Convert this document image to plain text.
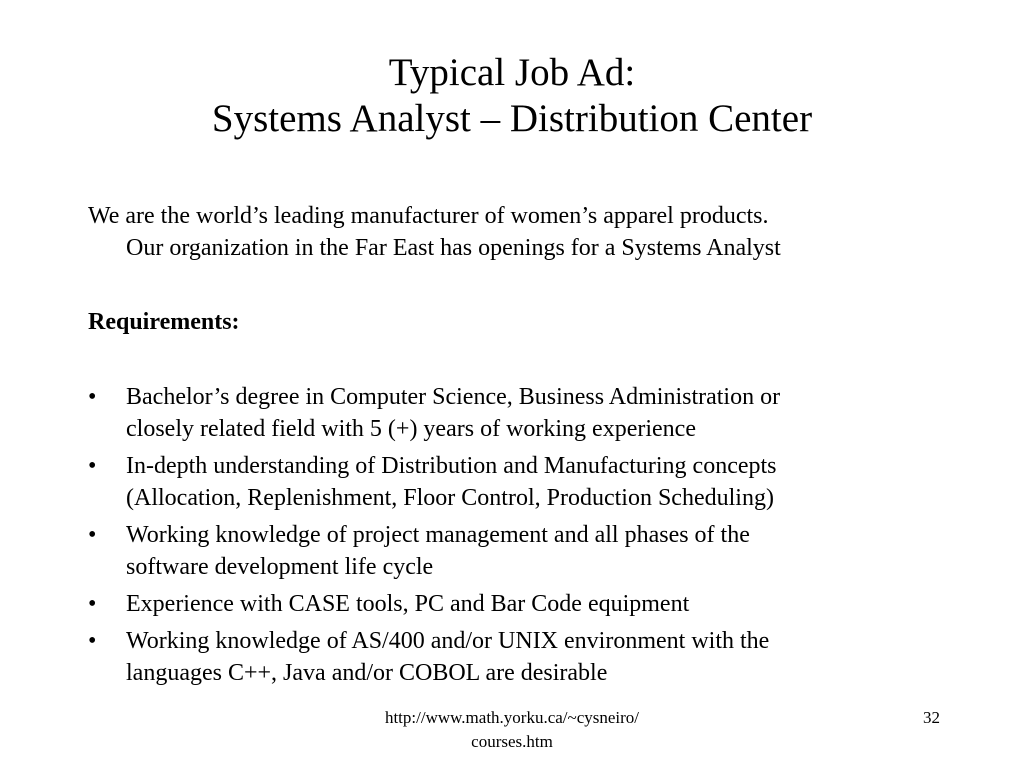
Typical Job Ad:
Systems Analyst – Distribution Center

We are the world’s leading manufacturer of women’s apparel products.
Our organization in the Far East has openings for a Systems Analyst

Requirements:
• Bachelor’s degree in Computer Science, Business Administration or
closely related field with 5 (+) years of working experience
• In-depth understanding of Distribution and Manufacturing concepts
(Allocation, Replenishment, Floor Control, Production Scheduling)
• Working knowledge of project management and all phases of the
software development life cycle
• Experience with CASE tools, PC and Bar Code equipment
• Working knowledge of AS/400 and/or UNIX environment with the
languages C++, Java and/or COBOL are desirable
http://www.math.yorku.ca/~cysneiro/
courses.htm
32
